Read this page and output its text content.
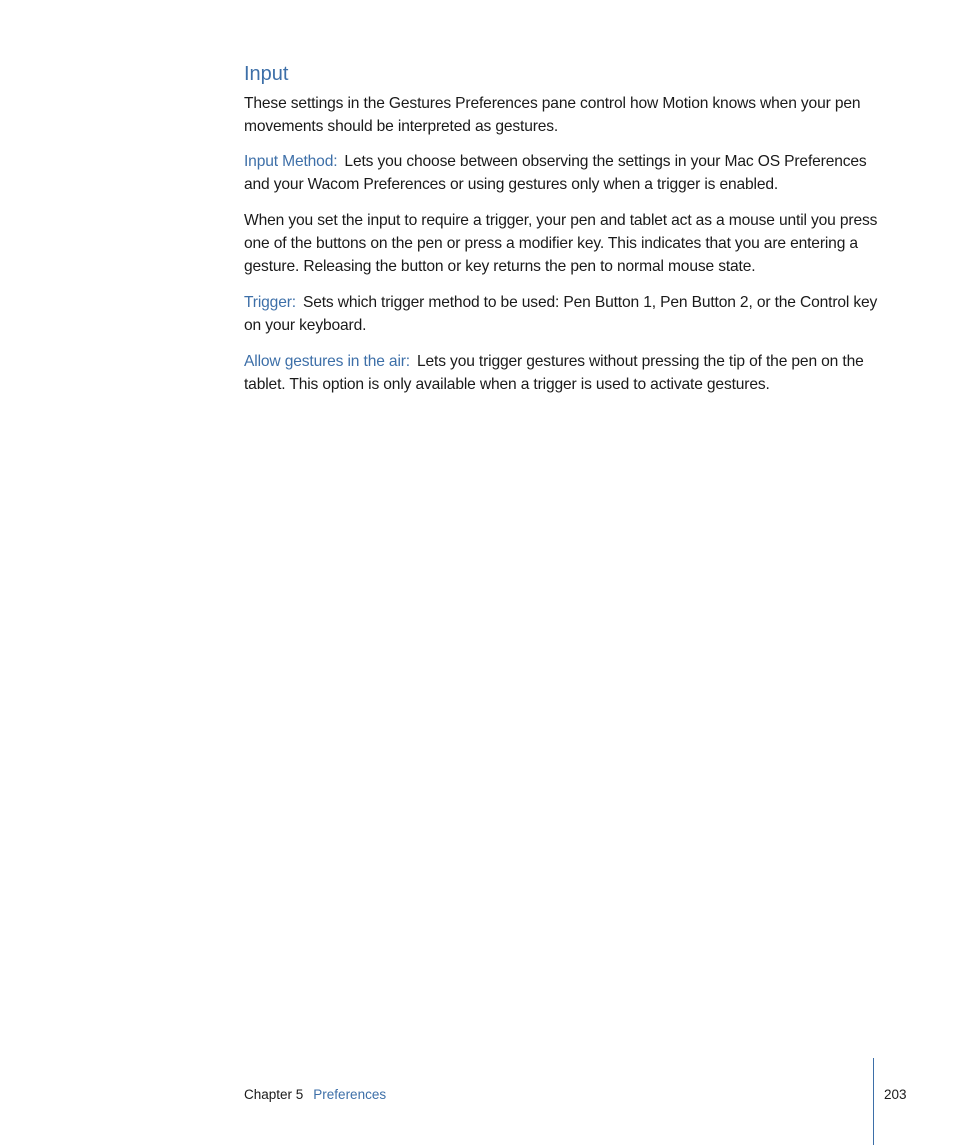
Input

These settings in the Gestures Preferences pane control how Motion knows when your pen movements should be interpreted as gestures.

Input Method: Lets you choose between observing the settings in your Mac OS Preferences and your Wacom Preferences or using gestures only when a trigger is enabled.

When you set the input to require a trigger, your pen and tablet act as a mouse until you press one of the buttons on the pen or press a modifier key. This indicates that you are entering a gesture. Releasing the button or key returns the pen to normal mouse state.

Trigger: Sets which trigger method to be used: Pen Button 1, Pen Button 2, or the Control key on your keyboard.

Allow gestures in the air: Lets you trigger gestures without pressing the tip of the pen on the tablet. This option is only available when a trigger is used to activate gestures.

Chapter 5 Preferences	203
